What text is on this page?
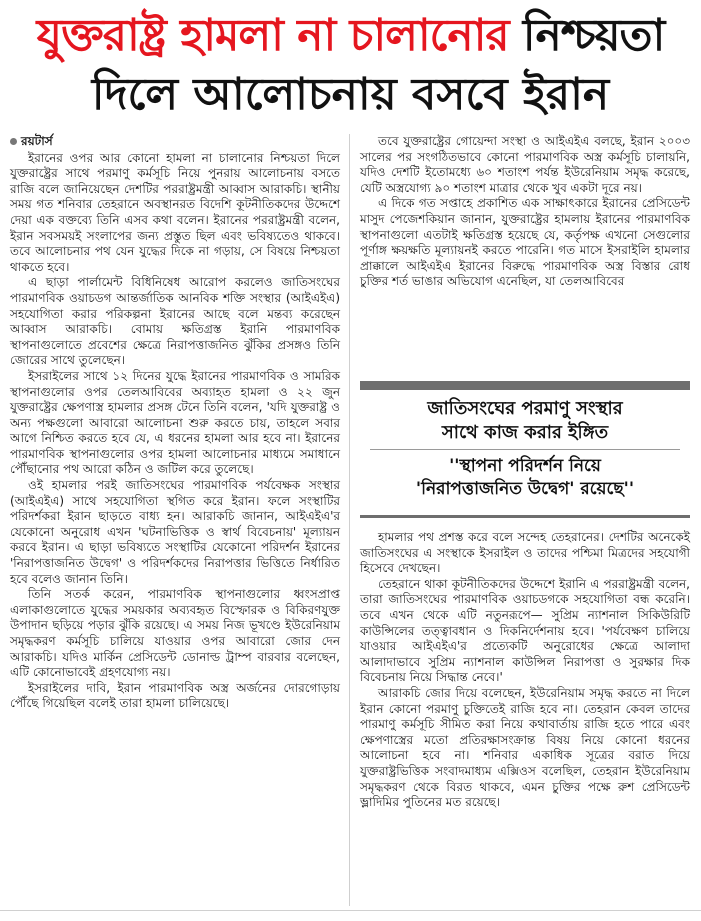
যুক্তরাষ্ট্র হামলা না চালানোর নিশ্চয়তা
দিলে আলোচনায় বসবে ইরান
রয়টার্স

ইরানের ওপর আর কোনো হামলা না চালানোর নিশ্চয়তা দিলে যুক্তরাষ্ট্রের সাথে পরমাণু কর্মসূচি নিয়ে পুনরায় আলোচনায় বসতে রাজি বলে জানিয়েছেন দেশটির পররাষ্ট্রমন্ত্রী আব্বাস আরাকচি। স্থানীয় সময় গত শনিবার তেহরানে অবস্থানরত বিদেশি কূটনীতিকদের উদ্দেশে দেয়া এক বক্তব্যে তিনি এসব কথা বলেন। ইরানের পররাষ্ট্রমন্ত্রী বলেন, ইরান সবসময়ই সংলাপের জন্য প্রস্তুত ছিল এবং ভবিষ্যতেও থাকবে। তবে আলোচনার পথ যেন যুদ্ধের দিকে না গড়ায়, সে বিষয়ে নিশ্চয়তা থাকতে হবে।

এ ছাড়া পার্লামেন্ট বিধিনিষেধ আরোপ করলেও জাতিসংঘের পারমাণবিক ওয়াচডগ আন্তর্জাতিক আনবিক শক্তি সংস্থার (আইএইএ) সহযোগিতা করার পরিকল্পনা ইরানের আছে বলে মন্তব্য করেছেন আব্বাস আরাকচি। বোমায় ক্ষতিগ্রস্ত ইরানি পারমাণবিক স্থাপনাগুলোতে প্রবেশের ক্ষেত্রে নিরাপত্তাজনিত ঝুঁকির প্রসঙ্গও তিনি জোরের সাথে তুলেছেন।

ইসরাইলের সাথে ১২ দিনের যুদ্ধে ইরানের পারমাণবিক ও সামরিক স্থাপনাগুলোর ওপর তেলআবিবের অব্যাহত হামলা ও ২২ জুন যুক্তরাষ্ট্রের ক্ষেপণাস্ত্র হামলার প্রসঙ্গ টেনে তিনি বলেন, 'যদি যুক্তরাষ্ট্র ও অন্য পক্ষগুলো আবারো আলোচনা শুরু করতে চায়, তাহলে সবার আগে নিশ্চিত করতে হবে যে, এ ধরনের হামলা আর হবে না। ইরানের পারমাণবিক স্থাপনাগুলোর ওপর হামলা আলোচনার মাধ্যমে সমাধানে পৌঁছানোর পথ আরো কঠিন ও জটিল করে তুলেছে।

ওই হামলার পরই জাতিসংঘের পারমাণবিক পর্যবেক্ষক সংস্থার (আইএইএ) সাথে সহযোগিতা স্থগিত করে ইরান। ফলে সংস্থাটির পরিদর্শকরা ইরান ছাড়তে বাধ্য হন। আরাকচি জানান, আইএইএ'র যেকোনো অনুরোধ এখন 'ঘটনাভিত্তিক ও স্বার্থ বিবেচনায়' মূল্যায়ন করবে ইরান। এ ছাড়া ভবিষ্যতে সংস্থাটির যেকোনো পরিদর্শন ইরানের 'নিরাপত্তাজনিত উদ্বেগ' ও পরিদর্শকদের নিরাপত্তার ভিত্তিতে নির্ধারিত হবে বলেও জানান তিনি।

তিনি সতর্ক করেন, পারমাণবিক স্থাপনাগুলোর ধ্বংসপ্রাপ্ত এলাকাগুলোতে যুদ্ধের সময়কার অব্যবহৃত বিস্ফোরক ও বিকিরণযুক্ত উপাদান ছড়িয়ে পড়ার ঝুঁকি রয়েছে। এ সময় নিজ ভূখণ্ডে ইউরেনিয়াম সমৃদ্ধকরণ কর্মসূচি চালিয়ে যাওয়ার ওপর আবারো জোর দেন আরাকচি। যদিও মার্কিন প্রেসিডেন্ট ডোনাল্ড ট্রাম্প বারবার বলেছেন, এটি কোনোভাবেই গ্রহণযোগ্য নয়।

ইসরাইলের দাবি, ইরান পারমাণবিক অস্ত্র অর্জনের দোরগোড়ায় পৌঁছে গিয়েছিল বলেই তারা হামলা চালিয়েছে।

তবে যুক্তরাষ্ট্রের গোয়েন্দা সংস্থা ও আইএইএ বলছে, ইরান ২০০৩ সালের পর সংগঠিতভাবে কোনো পারমাণবিক অস্ত্র কর্মসূচি চালায়নি, যদিও দেশটি ইতোমধ্যে ৬০ শতাংশ পর্যন্ত ইউরেনিয়াম সমৃদ্ধ করেছে, যেটি অস্ত্রযোগ্য ৯০ শতাংশ মাত্রার থেকে খুব একটা দূরে নয়।

এ দিকে গত সপ্তাহে প্রকাশিত এক সাক্ষাৎকারে ইরানের প্রেসিডেন্ট মাসুদ পেজেশকিয়ান জানান, যুক্তরাষ্ট্রের হামলায় ইরানের পারমাণবিক স্থাপনাগুলো এতটাই ক্ষতিগ্রস্ত হয়েছে যে, কর্তৃপক্ষ এখনো সেগুলোর পূর্ণাঙ্গ ক্ষয়ক্ষতি মূল্যায়নই করতে পারেনি। গত মাসে ইসরাইলি হামলার প্রাক্কালে আইএইএ ইরানের বিরুদ্ধে পারমাণবিক অস্ত্র বিস্তার রোধ চুক্তির শর্ত ভাঙার অভিযোগ এনেছিল, যা তেলআবিবের

জাতিসংঘের পরমাণু সংস্থার
সাথে কাজ করার ইঙ্গিত
''স্থাপনা পরিদর্শন নিয়ে
'নিরাপত্তাজনিত উদ্বেগ' রয়েছে''

হামলার পথ প্রশস্ত করে বলে সন্দেহ তেহরানের। দেশটির অনেকেই জাতিসংঘের এ সংস্থাকে ইসরাইল ও তাদের পশ্চিমা মিত্রদের সহযোগী হিসেবে দেখছেন।

তেহরানে থাকা কূটনীতিকদের উদ্দেশে ইরানি এ পররাষ্ট্রমন্ত্রী বলেন, তারা জাতিসংঘের পারমাণবিক ওয়াচডগকে সহযোগিতা বন্ধ করেনি। তবে এখন থেকে এটি নতুনরূপে— সুপ্রিম ন্যাশনাল সিকিউরিটি কাউন্সিলের তত্ত্বাবধান ও দিকনির্দেশনায় হবে। 'পর্যবেক্ষণ চালিয়ে যাওয়ার আইএইএ'র প্রত্যেকটি অনুরোধের ক্ষেত্রে আলাদা আলাদাভাবে সুপ্রিম ন্যাশনাল কাউন্সিল নিরাপত্তা ও সুরক্ষার দিক বিবেচনায় নিয়ে সিদ্ধান্ত নেবে।'

আরাকচি জোর দিয়ে বলেছেন, ইউরেনিয়াম সমৃদ্ধ করতে না দিলে ইরান কোনো পরমাণু চুক্তিতেই রাজি হবে না। তেহরান কেবল তাদের পারমাণু কর্মসূচি সীমিত করা নিয়ে কথাবার্তায় রাজি হতে পারে এবং ক্ষেপণাস্ত্রের মতো প্রতিরক্ষাসংক্রান্ত বিষয় নিয়ে কোনো ধরনের আলোচনা হবে না। শনিবার একাধিক সূত্রের বরাত দিয়ে যুক্তরাষ্ট্রভিত্তিক সংবাদমাধ্যম এক্সিওস বলেছিল, তেহরান ইউরেনিয়াম সমৃদ্ধকরণ থেকে বিরত থাকবে, এমন চুক্তির পক্ষে রুশ প্রেসিডেন্ট ভ্লাদিমির পুতিনের মত রয়েছে।
